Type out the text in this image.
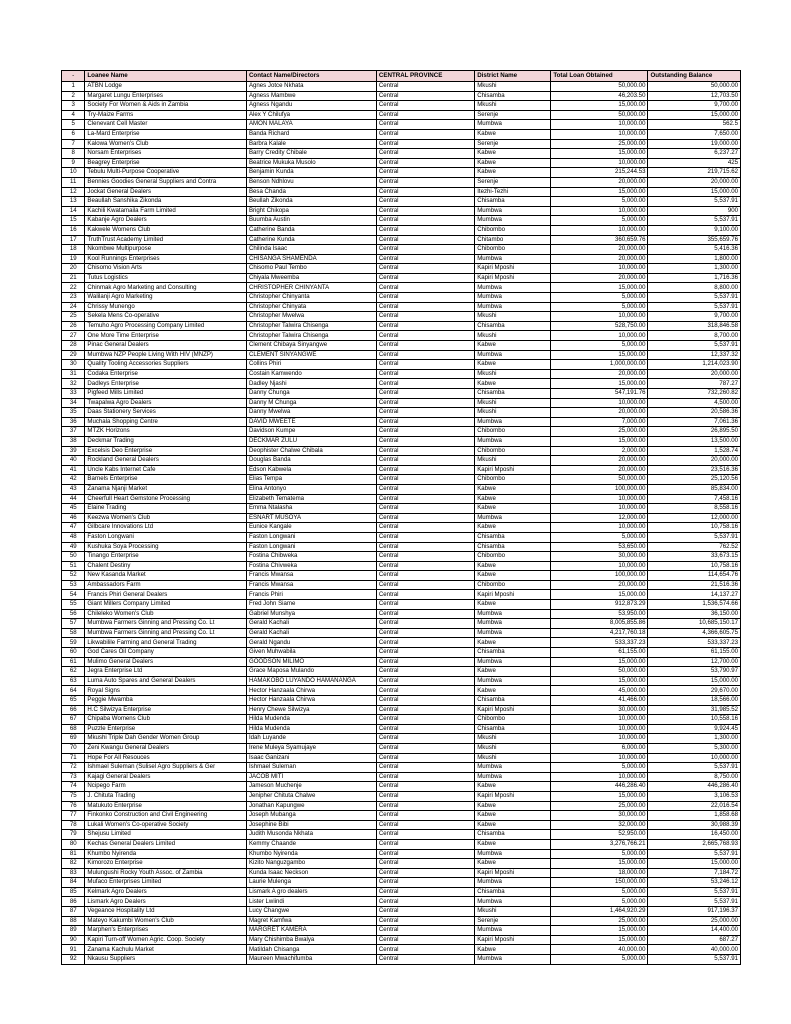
-	Loanee Name	Contact Name/Directors	CENTRAL PROVINCE	District Name	Total Loan Obtained	Outstanding Balance
1	ATBN Lodge	Agnes Jotce Nkhata	Central	Mkushi	50,000.00	50,000.00
2	Margaret Lungu Enterprises	Agness Mambwe	Central	Chisamba	46,203.50	12,703.50
3	Society For Women & Aids in Zambia	Agness Ngandu	Central	Mkushi	15,000.00	9,700.00
4	Try-Maize Farms	Alex Y Chilufya	Central	Serenje	50,000.00	15,000.00
5	Clenevant Cell Master	AMON MALAYA	Central	Mumbwa	10,000.00	562.5
6	La-Mard Enterprise	Banda Richard	Central	Kabwe	10,000.00	7,650.00
7	Kalowa Women's Club	Barbra Kalale	Central	Serenje	25,000.00	19,000.00
8	Norsam Enterprises	Barry Credity Chibale	Central	Kabwe	15,000.00	6,237.27
9	Beagrey Enterprise	Beatrice Mukuka Musolo	Central	Kabwe	10,000.00	425
10	Tebulu Multi-Purpose Cooperative	Benjamin Kunda	Central	Kabwe	215,244.53	219,715.62
11	Bennies Goodies General Suppliers and Contra	Benson Ndhlovu	Central	Serenje	20,000.00	20,000.00
12	Jockat General Dealers	Besa Chanda	Central	Itezhi-Tezhi	15,000.00	15,000.00
13	Beaullah Sanshika Zikonda	Beullah Zikonda	Central	Chisamba	5,000.00	5,537.91
14	Kachili Kwatamaila Farm Limited	Bright Chikopa	Central	Mumbwa	10,000.00	900
15	Kabanje Agro Dealers	Buumba Austin	Central	Mumbwa	5,000.00	5,537.91
16	Kakwele Womens Club	Catherine Banda	Central	Chibombo	10,000.00	9,100.00
17	TruthTrust Academy Limited	Catherine Kunda	Central	Chitambo	360,659.76	355,659.76
18	Nkombwe Multipurpose	Chilinda Isaac	Central	Chibombo	20,000.00	5,416.36
19	Kool Runnings Enterprises	CHISANGA SHAMENDA	Central	Mumbwa	20,000.00	1,800.00
20	Chisomo Vision Arts	Chisomo Paul Tembo	Central	Kapiri Mposhi	10,000.00	1,300.00
21	Tutus Logistics	Chiyala Mweemba	Central	Kapiri Mposhi	20,000.00	1,716.36
22	Chinmak Agro Marketing and Consulting	CHRISTOPHER CHINYANTA	Central	Mumbwa	15,000.00	8,800.00
23	Walilanji Agro Marketing	Christopher Chinyanta	Central	Mumbwa	5,000.00	5,537.91
24	Chrissy Munengo	Christopher Chinyata	Central	Mumbwa	5,000.00	5,537.91
25	Sekela Mens Co-operative	Christopher Mwelwa	Central	Mkushi	10,000.00	9,700.00
26	Temuho Agro Processing Company Limited	Christopher Talwira Chisenga	Central	Chisamba	528,750.00	318,846.58
27	One More Time Enterprise	Christopher Talwira Chisenga	Central	Mkushi	10,000.00	8,700.00
28	Pinac General Dealers	Clement Chibaya Sinyangwe	Central	Kabwe	5,000.00	5,537.91
29	Mumbwa NZP People Living With HIV (MNZP)	CLEMENT SINYANGWE	Central	Mumbwa	15,000.00	12,337.32
30	Quality Tooling Accessories Suppliers	Collins Phiri	Central	Kabwe	1,000,000.00	1,214,023.90
31	Codaka Enterprise	Costain Kamwendo	Central	Mkushi	20,000.00	20,000.00
32	Dadleys Enterprise	Dadley Njashi	Central	Kabwe	15,000.00	787.27
33	Pigfeed Mills Limited	Danny Chunga	Central	Chisamba	547,191.76	732,260.82
34	Twapalwa Agro Dealers	Danny M Chunga	Central	Mkushi	10,000.00	4,500.00
35	Daas Stationery Services	Danny Mwelwa	Central	Mkushi	20,000.00	20,586.36
36	Muchala Shopping Centre	DAVID MWEETE	Central	Mumbwa	7,000.00	7,061.36
37	MTZK Horizons	Davidson Kumpe	Central	Chibombo	25,000.00	26,895.50
38	Deckmar Trading	DECKMAR ZULU	Central	Mumbwa	15,000.00	13,500.00
39	Excelsis Deo Enterprise	Deophister Chalwe Chibala	Central	Chibombo	2,000.00	1,528.74
40	Rockland General Dealers	Douglas Banda	Central	Mkushi	20,000.00	20,000.00
41	Uncle Kabs Internet Cafe	Edson Kabwela	Central	Kapiri Mposhi	20,000.00	23,516.36
42	Barnels Enterprise	Elias Tempa	Central	Chibombo	50,000.00	25,120.56
43	Zanama Njanji Market	Elina Antonyo	Central	Kabwe	100,000.00	85,834.00
44	Cheerfull Heart Gemstone Processing	Elizabeth Tematema	Central	Kabwe	10,000.00	7,458.16
45	Elaine Trading	Emma Ntalasha	Central	Kabwe	10,000.00	8,558.16
46	Keezwa Women's Club	ESNART MUSOYA	Central	Mumbwa	12,000.00	12,000.00
47	Gilbcare Innovations Ltd	Eunice Kangale	Central	Kabwe	10,000.00	10,758.16
48	Faston Longwani	Faston Longwani	Central	Chisamba	5,000.00	5,537.91
49	Kushuka Soya Processing	Faston Longwani	Central	Chisamba	53,650.00	762.52
50	Tinango Enterprise	Fostina Chibweka	Central	Chibombo	30,000.00	33,673.15
51	Chalent Destiny	Fostina Chivweka	Central	Kabwe	10,000.00	10,758.16
52	New Kasanda Market	Francis Mwansa	Central	Kabwe	100,000.00	114,654.76
53	Ambassadors Farm	Francis Mwansa	Central	Chibombo	20,000.00	21,516.36
54	Francis Phiri General Dealers	Francis Phiri	Central	Kapiri Mposhi	15,000.00	14,137.27
55	Giant Millers Company Limited	Fred John Siame	Central	Kabwe	912,873.29	1,536,574.66
56	Chileleko Women's Club	Gabriel Munshya	Central	Mumbwa	53,950.00	36,150.00
57	Mumbwa Farmers Ginning and Pressing Co. Lt	Gerald Kachali	Central	Mumbwa	8,005,855.86	10,685,150.17
58	Mumbwa Farmers Ginning and Pressing Co. Lt	Gerald Kachali	Central	Mumbwa	4,217,760.18	4,366,605.75
59	Likwabilile Farming and General Trading	Gerald Ngandu	Central	Kabwe	533,337.23	533,337.23
60	God Cares Oil Company	Given Muhwabila	Central	Chisamba	61,155.00	61,155.00
61	Mulimo General Dealers	GOODSON MILIMO	Central	Mumbwa	15,000.00	12,700.00
62	Jegra Enterprise Ltd	Grace Maposa Mulando	Central	Kabwe	50,000.00	53,790.97
63	Luma Auto Spares and General Dealers	HAMAKOBO LUYANDO HAMANANGA	Central	Mumbwa	15,000.00	15,000.00
64	Royal Signs	Hector Hanzaala Chirwa	Central	Kabwe	45,000.00	29,670.00
65	Peggie Mwamba	Hector Hanzaala Chirwa	Central	Chisamba	41,466.00	18,566.00
66	H.C Silwizya Enterprise	Henry Chewe Silwizya	Central	Kapiri Mposhi	30,000.00	31,985.52
67	Chipaba Womens Club	Hilda Mudenda	Central	Chibombo	10,000.00	10,558.16
68	Puzzle Enterprise	Hilda Mudenda	Central	Chisamba	10,000.00	9,924.45
69	Mkushi Triple Dah Gender Women Group	Idah Luyande	Central	Mkushi	10,000.00	1,300.00
70	Zeni Kwangu General Dealers	Irene Muleya Syamujaye	Central	Mkushi	6,000.00	5,300.00
71	Hope For All Resouces	Isaac Ganizani	Central	Mkushi	10,000.00	10,000.00
72	Ishmael Suleman (Sulisel Agro Suppliers & Ger	Ishmael Suleman	Central	Mumbwa	5,000.00	5,537.91
73	Kajagi General Dealers	JACOB MITI	Central	Mumbwa	10,000.00	8,750.00
74	Ncipego Farm	Jameson Muchenje	Central	Kabwe	446,286.40	446,286.40
75	J. Chituta Trading	Jenipher Chituta Chalwe	Central	Kapiri Mposhi	15,000.00	3,106.53
76	Matukuto Enterprise	Jonathan Kapungwe	Central	Kabwe	25,000.00	22,016.54
77	Finkonko Construction and Civil Engineering	Joseph Mubanga	Central	Kabwe	30,000.00	1,858.68
78	Lukali Women's Co-operative Society	Josephine Bibi	Central	Kabwe	32,000.00	30,988.39
79	Shejusu Limited	Judith Musonda Nkhata	Central	Chisamba	52,950.00	16,450.00
80	Kechas General Dealers Limited	Kemmy Chaande	Central	Kabwe	3,276,766.21	2,665,768.93
81	Khumbo Nyirenda	Khumbo Nyirenda	Central	Mumbwa	5,000.00	5,537.91
82	Kimorozo Enterprise	Kizito Nanguzgambo	Central	Kabwe	15,000.00	15,000.00
83	Mulungushi Rocky Youth Assoc. of Zambia	Kunda Isaac Neckson	Central	Kapiri Mposhi	18,000.00	7,184.72
84	Mufaco Enterprises Limited	Laurie Mulenga	Central	Mumbwa	150,000.00	53,246.12
85	Kelmark Agro Dealers	Lismark A gro dealers	Central	Chisamba	5,000.00	5,537.91
86	Lismark Agro Dealers	Lister Lwiindi	Central	Mumbwa	5,000.00	5,537.91
87	Vegeance Hospitality Ltd	Lucy Changwe	Central	Mkushi	1,464,920.29	917,196.37
88	Mateyo Kakumbi Women's Club	Magret Kamfwa	Central	Serenje	25,000.00	25,000.00
89	Marphen's Enterprises	MARGRET KAMERA	Central	Mumbwa	15,000.00	14,400.00
90	Kapiri Turn-off Women Agric. Coop. Society	Mary Chishimba Bwalya	Central	Kapiri Mposhi	15,000.00	687.27
91	Zanama Kachulu Market	Matildah Chisanga	Central	Kabwe	40,000.00	40,000.00
92	Nkausu Suppliers	Maureen Mwachifumba	Central	Mumbwa	5,000.00	5,537.91
